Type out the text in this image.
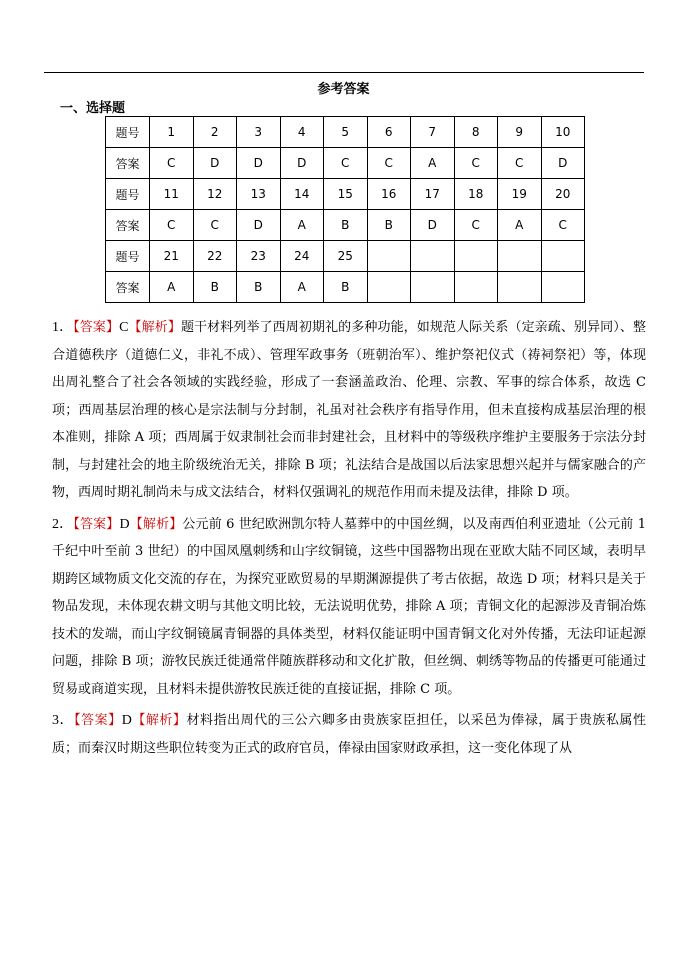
参考答案
一、选择题
题号	1	2	3	4	5	6	7	8	9	10
答案	C	D	D	D	C	C	A	C	C	D
题号	11	12	13	14	15	16	17	18	19	20
答案	C	C	D	A	B	B	D	C	A	C
题号	21	22	23	24	25					
答案	A	B	B	A	B					
1．【答案】C【解析】题干材料列举了西周初期礼的多种功能，如规范人际关系（定亲疏、别异同）、整合道德秩序（道德仁义，非礼不成）、管理军政事务（班朝治军）、维护祭祀仪式（祷祠祭祀）等，体现出周礼整合了社会各领域的实践经验，形成了一套涵盖政治、伦理、宗教、军事的综合体系，故选 C 项；西周基层治理的核心是宗法制与分封制，礼虽对社会秩序有指导作用，但未直接构成基层治理的根本准则，排除 A 项；西周属于奴隶制社会而非封建社会，且材料中的等级秩序维护主要服务于宗法分封制，与封建社会的地主阶级统治无关，排除 B 项；礼法结合是战国以后法家思想兴起并与儒家融合的产物，西周时期礼制尚未与成文法结合，材料仅强调礼的规范作用而未提及法律，排除 D 项。
2．【答案】D【解析】公元前 6 世纪欧洲凯尔特人墓葬中的中国丝绸，以及南西伯利亚遗址（公元前 1 千纪中叶至前 3 世纪）的中国凤凰刺绣和山字纹铜镜，这些中国器物出现在亚欧大陆不同区域，表明早期跨区域物质文化交流的存在，为探究亚欧贸易的早期渊源提供了考古依据，故选 D 项；材料只是关于物品发现，未体现农耕文明与其他文明比较，无法说明优势，排除 A 项；青铜文化的起源涉及青铜冶炼技术的发端，而山字纹铜镜属青铜器的具体类型，材料仅能证明中国青铜文化对外传播，无法印证起源问题，排除 B 项；游牧民族迁徙通常伴随族群移动和文化扩散，但丝绸、刺绣等物品的传播更可能通过贸易或商道实现，且材料未提供游牧民族迁徙的直接证据，排除 C 项。
3．【答案】D【解析】材料指出周代的三公六卿多由贵族家臣担任，以采邑为俸禄，属于贵族私属性质；而秦汉时期这些职位转变为正式的政府官员，俸禄由国家财政承担，这一变化体现了从
